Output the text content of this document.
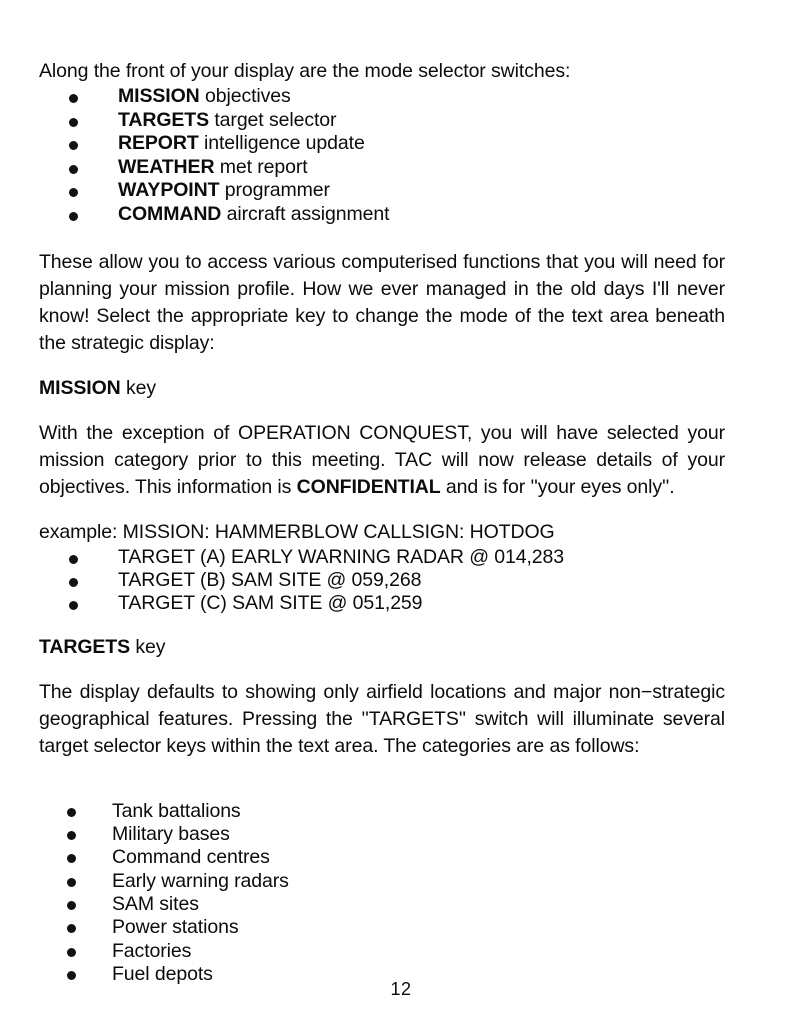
Along the front of your display are the mode selector switches:

MISSION objectives
TARGETS target selector
REPORT intelligence update
WEATHER met report
WAYPOINT programmer
COMMAND aircraft assignment

These allow you to access various computerised functions that you will need for planning your mission profile. How we ever managed in the old days I'll never know! Select the appropriate key to change the mode of the text area beneath the strategic display:

MISSION key

With the exception of OPERATION CONQUEST, you will have selected your mission category prior to this meeting. TAC will now release details of your objectives. This information is CONFIDENTIAL and is for ''your eyes only''.

example: MISSION: HAMMERBLOW CALLSIGN: HOTDOG

TARGET (A) EARLY WARNING RADAR @ 014,283
TARGET (B) SAM SITE @ 059,268
TARGET (C) SAM SITE @ 051,259

TARGETS key

The display defaults to showing only airfield locations and major non−strategic geographical features. Pressing the ''TARGETS'' switch will illuminate several target selector keys within the text area. The categories are as follows:

Tank battalions
Military bases
Command centres
Early warning radars
SAM sites
Power stations
Factories
Fuel depots
12
